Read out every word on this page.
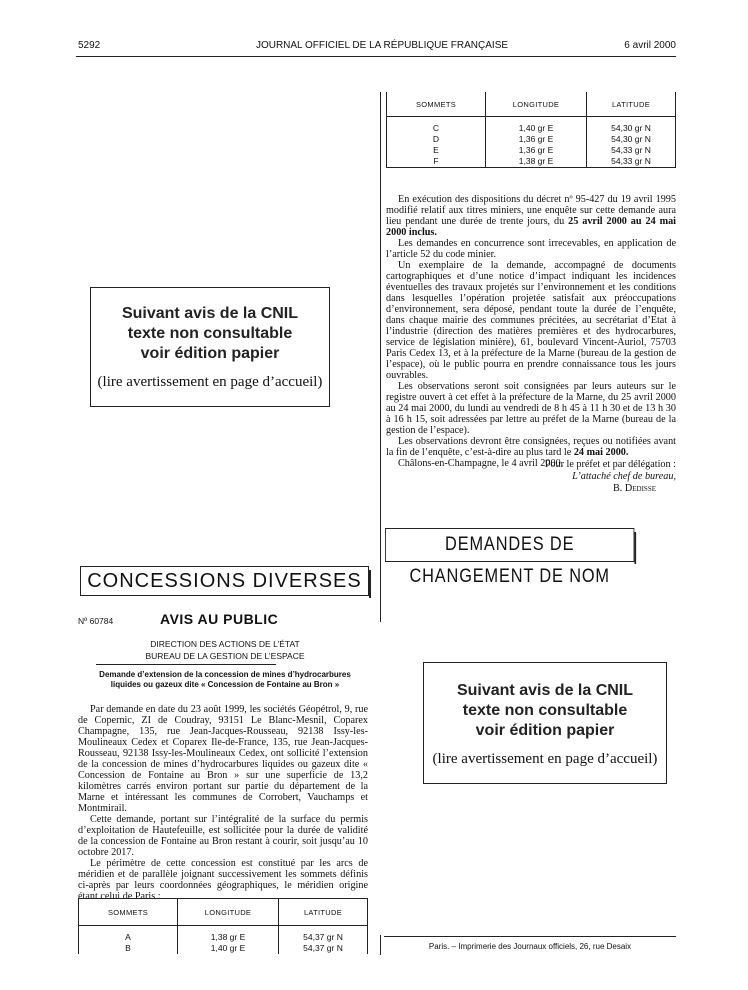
5292	JOURNAL OFFICIEL DE LA RÉPUBLIQUE FRANÇAISE	6 avril 2000
SOMMETS	LONGITUDE	LATITUDE

C	1,40 gr E	54,30 gr N
D	1,36 gr E	54,30 gr N
E	1,36 gr E	54,33 gr N
F	1,38 gr E	54,33 gr N

En exécution des dispositions du décret nº 95-427 du 19 avril 1995 modifié relatif aux titres miniers, une enquête sur cette demande aura lieu pendant une durée de trente jours, du 25 avril 2000 au 24 mai 2000 inclus.

Les demandes en concurrence sont irrecevables, en application de l’article 52 du code minier.

Un exemplaire de la demande, accompagné de documents cartographiques et d’une notice d’impact indiquant les incidences éventuelles des travaux projetés sur l’environnement et les conditions dans lesquelles l’opération projetée satisfait aux préoccupations d’environnement, sera déposé, pendant toute la durée de l’enquête, dans chaque mairie des communes précitées, au secrétariat d’Etat à l’industrie (direction des matières premières et des hydrocarbures, service de législation minière), 61, boulevard Vincent-Auriol, 75703 Paris Cedex 13, et à la préfecture de la Marne (bureau de la gestion de l’espace), où le public pourra en prendre connaissance tous les jours ouvrables.

Les observations seront soit consignées par leurs auteurs sur le registre ouvert à cet effet à la préfecture de la Marne, du 25 avril 2000 au 24 mai 2000, du lundi au vendredi de 8 h 45 à 11 h 30 et de 13 h 30 à 16 h 15, soit adressées par lettre au préfet de la Marne (bureau de la gestion de l’espace).

Les observations devront être consignées, reçues ou notifiées avant la fin de l’enquête, c’est-à-dire au plus tard le 24 mai 2000.

Châlons-en-Champagne, le 4 avril 2000.

Pour le préfet et par délégation :
L’attaché chef de bureau,
B. Dedisse
Suivant avis de la CNIL
texte non consultable
voir édition papier
(lire avertissement en page d’accueil)
DEMANDES DE CHANGEMENT DE NOM
CONCESSIONS DIVERSES
Nº 60784	AVIS AU PUBLIC
DIRECTION DES ACTIONS DE L’ÉTAT
BUREAU DE LA GESTION DE L’ESPACE
Demande d’extension de la concession de mines d’hydrocarbures liquides ou gazeux dite « Concession de Fontaine au Bron »

Par demande en date du 23 août 1999, les sociétés Géopétrol, 9, rue de Copernic, ZI de Coudray, 93151 Le Blanc-Mesnil, Coparex Champagne, 135, rue Jean-Jacques-Rousseau, 92138 Issy-les-Moulineaux Cedex et Coparex Ile-de-France, 135, rue Jean-Jacques-Rousseau, 92138 Issy-les-Moulineaux Cedex, ont sollicité l’extension de la concession de mines d’hydrocarbures liquides ou gazeux dite « Concession de Fontaine au Bron » sur une superficie de 13,2 kilomètres carrés environ portant sur partie du département de la Marne et intéressant les communes de Corrobert, Vauchamps et Montmirail.

Cette demande, portant sur l’intégralité de la surface du permis d’exploitation de Hautefeuille, est sollicitée pour la durée de validité de la concession de Fontaine au Bron restant à courir, soit jusqu’au 10 octobre 2017.

Le périmètre de cette concession est constitué par les arcs de méridien et de parallèle joignant successivement les sommets définis ci-après par leurs coordonnées géographiques, le méridien origine étant celui de Paris :

SOMMETS	LONGITUDE	LATITUDE

A	1,38 gr E	54,37 gr N
B	1,40 gr E	54,37 gr N
Suivant avis de la CNIL
texte non consultable
voir édition papier
(lire avertissement en page d’accueil)
Paris. – Imprimerie des Journaux officiels, 26, rue Desaix
